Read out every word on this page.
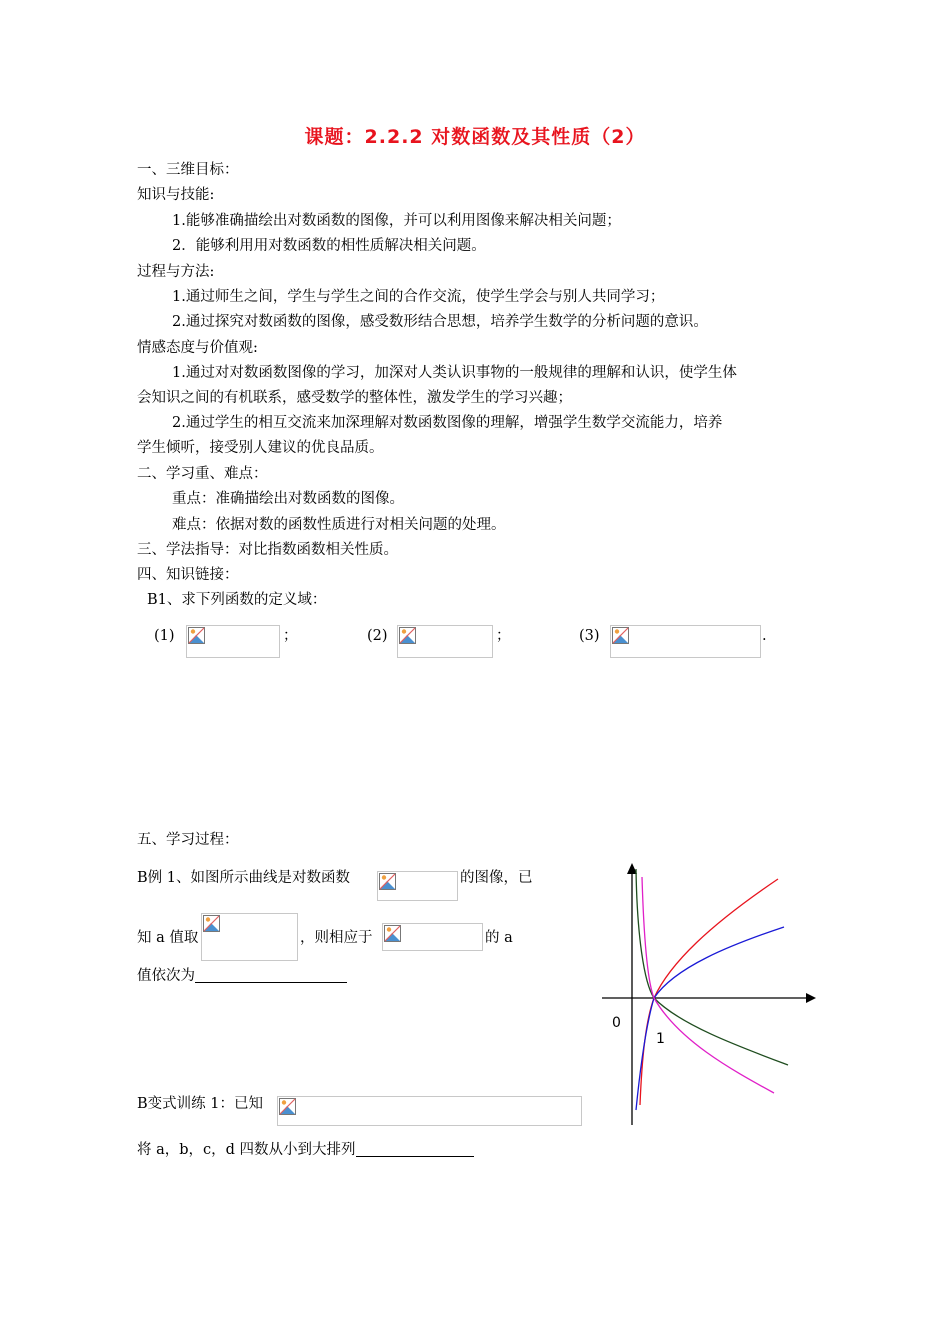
课题：2.2.2 对数函数及其性质（2）
一、三维目标：
知识与技能:
1.能够准确描绘出对数函数的图像，并可以利用图像来解决相关问题；
2．能够利用用对数函数的相性质解决相关问题。
过程与方法:
1.通过师生之间，学生与学生之间的合作交流，使学生学会与别人共同学习；
2.通过探究对数函数的图像，感受数形结合思想，培养学生数学的分析问题的意识。
情感态度与价值观:
1.通过对对数函数图像的学习，加深对人类认识事物的一般规律的理解和认识，使学生体
会知识之间的有机联系，感受数学的整体性，激发学生的学习兴趣；
2.通过学生的相互交流来加深理解对数函数图像的理解，增强学生数学交流能力，培养
学生倾听，接受别人建议的优良品质。
二、学习重、难点：
重点：准确描绘出对数函数的图像。
难点：依据对数的函数性质进行对相关问题的处理。
三、学法指导：对比指数函数相关性质。
四、知识链接：
B1、求下列函数的定义域：
(1)	；	(2)	；	(3)	.
五、学习过程：
B例 1、如图所示曲线是对数函数	的图像，已
知 a 值取	，则相应于	的 a
值依次为
0
1
B变式训练 1：已知
将 a，b，c，d 四数从小到大排列
